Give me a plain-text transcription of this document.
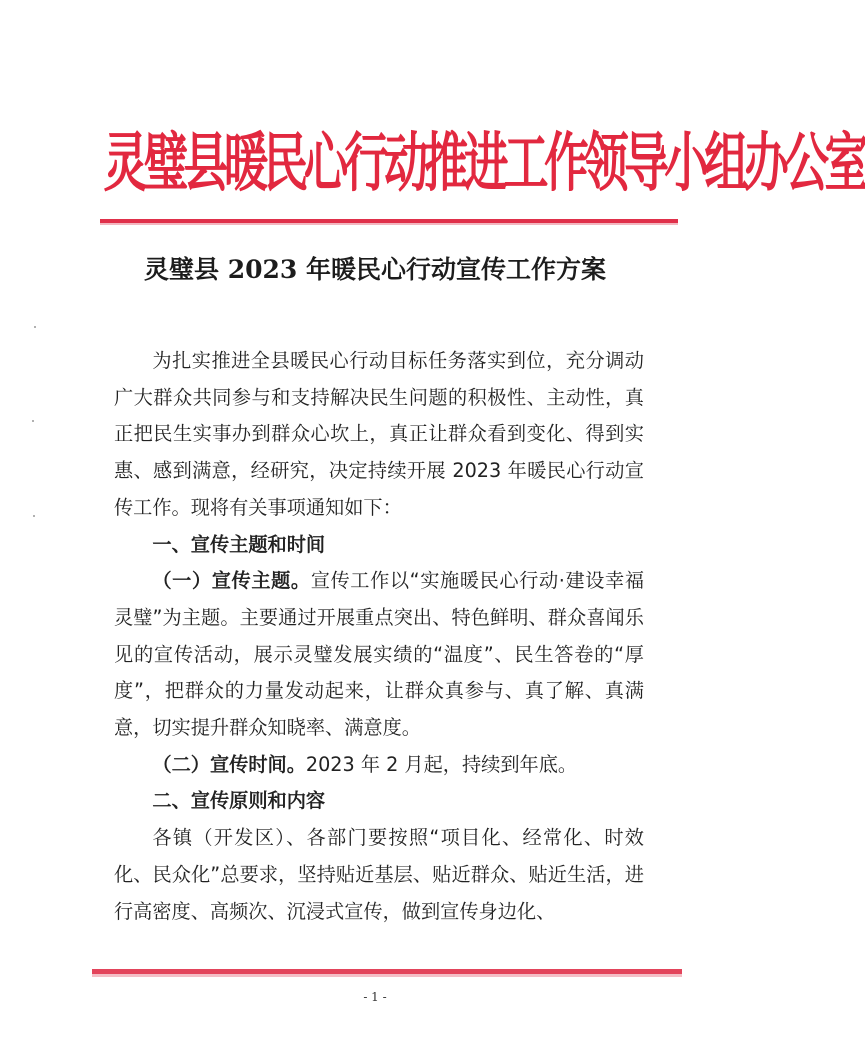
灵璧县暖民心行动推进工作领导小组办公室
灵璧县 2023 年暖民心行动宣传工作方案

为扎实推进全县暖民心行动目标任务落实到位，充分调动广大群众共同参与和支持解决民生问题的积极性、主动性，真正把民生实事办到群众心坎上，真正让群众看到变化、得到实惠、感到满意，经研究，决定持续开展 2023 年暖民心行动宣传工作。现将有关事项通知如下：

一、宣传主题和时间

（一）宣传主题。宣传工作以“实施暖民心行动·建设幸福灵璧”为主题。主要通过开展重点突出、特色鲜明、群众喜闻乐见的宣传活动，展示灵璧发展实绩的“温度”、民生答卷的“厚度”，把群众的力量发动起来，让群众真参与、真了解、真满意，切实提升群众知晓率、满意度。

（二）宣传时间。2023 年 2 月起，持续到年底。

二、宣传原则和内容

各镇（开发区）、各部门要按照“项目化、经常化、时效化、民众化”总要求，坚持贴近基层、贴近群众、贴近生活，进行高密度、高频次、沉浸式宣传，做到宣传身边化、

- 1 -
